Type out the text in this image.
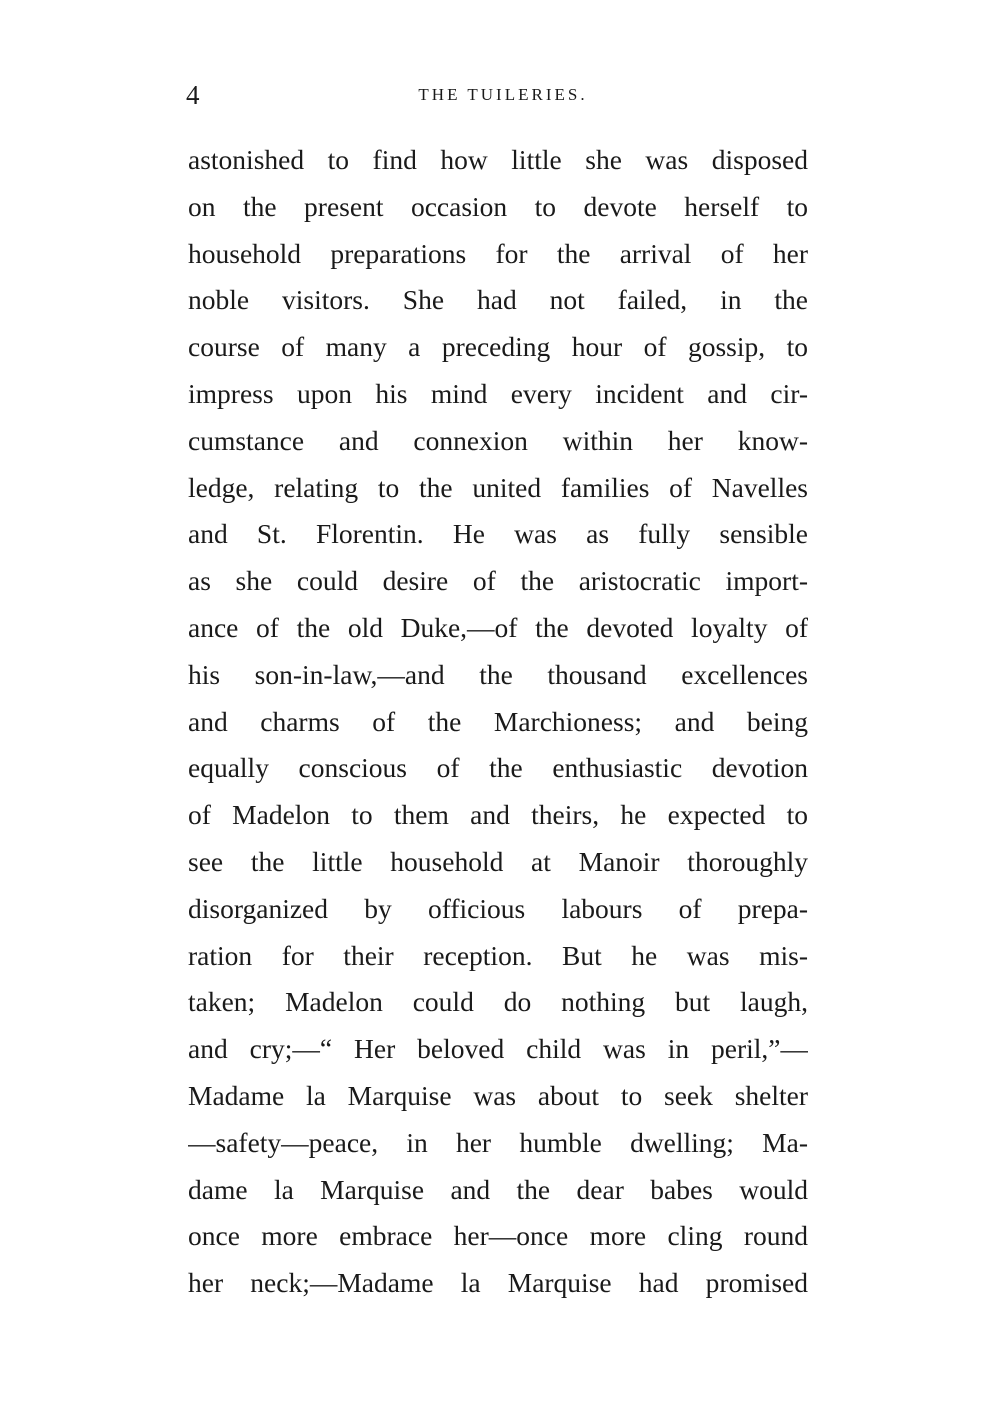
4	THE TUILERIES.
astonished to find how little she was disposed
on the present occasion to devote herself to
household preparations for the arrival of her
noble visitors. She had not failed, in the
course of many a preceding hour of gossip, to
impress upon his mind every incident and cir-
cumstance and connexion within her know-
ledge, relating to the united families of Navelles
and St. Florentin. He was as fully sensible
as she could desire of the aristocratic import-
ance of the old Duke,—of the devoted loyalty of
his son-in-law,—and the thousand excellences
and charms of the Marchioness; and being
equally conscious of the enthusiastic devotion
of Madelon to them and theirs, he expected to
see the little household at Manoir thoroughly
disorganized by officious labours of prepa-
ration for their reception. But he was mis-
taken; Madelon could do nothing but laugh,
and cry;—“ Her beloved child was in peril,”—
Madame la Marquise was about to seek shelter
—safety—peace, in her humble dwelling; Ma-
dame la Marquise and the dear babes would
once more embrace her—once more cling round
her neck;—Madame la Marquise had promised
